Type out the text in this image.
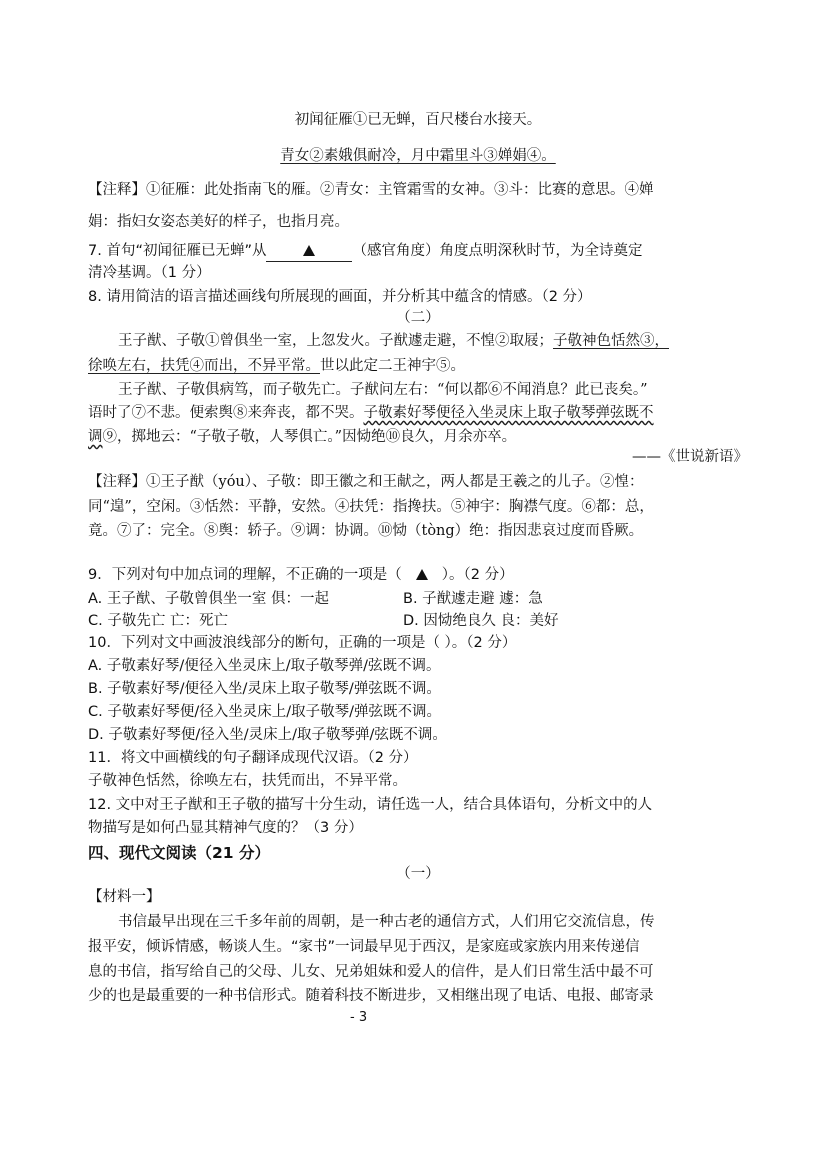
初闻征雁①已无蝉，百尺楼台水接天。
青女②素娥俱耐冷，月中霜里斗③婵娟④。
【注释】①征雁：此处指南飞的雁。②青女：主管霜雪的女神。③斗：比赛的意思。④婵
娟：指妇女姿态美好的样子，也指月亮。
7. 首句“初闻征雁已无蝉”从	（感官角度）角度点明深秋时节，为全诗奠定
清冷基调。（1 分）
8. 请用简洁的语言描述画线句所展现的画面，并分析其中蕴含的情感。（2 分）
（二）
王子猷、子敬①曾俱坐一室，上忽发火。子猷遽走避，不惶②取屐；子敬神色恬然③，
徐唤左右，扶凭④而出，不异平常。世以此定二王神宇⑤。
王子猷、子敬俱病笃，而子敬先亡。子猷问左右：“何以都⑥不闻消息？此已丧矣。”
语时了⑦不悲。便索舆⑧来奔丧，都不哭。子敬素好琴便径入坐灵床上取子敬琴弹弦既不
调⑨，掷地云：“子敬子敬，人琴俱亡。”因恸绝⑩良久，月余亦卒。
——《世说新语》
【注释】①王子猷（yóu）、子敬：即王徽之和王献之，两人都是王羲之的儿子。②惶：
同“遑”，空闲。③恬然：平静，安然。④扶凭：指搀扶。⑤神宇：胸襟气度。⑥都：总，
竟。⑦了：完全。⑧舆：轿子。⑨调：协调。⑩恸（tòng）绝：指因悲哀过度而昏厥。
9．下列对句中加点词的理解，不正确的一项是（	）。（2 分）
A. 王子猷、子敬曾俱坐一室 俱：一起	B. 子猷遽走避 遽：急
C. 子敬先亡 亡：死亡	D. 因恸绝良久 良：美好
10．下列对文中画波浪线部分的断句，正确的一项是（ ）。（2 分）
A. 子敬素好琴/便径入坐灵床上/取子敬琴弹/弦既不调。
B. 子敬素好琴/便径入坐/灵床上取子敬琴/弹弦既不调。
C. 子敬素好琴便/径入坐灵床上/取子敬琴/弹弦既不调。
D. 子敬素好琴便/径入坐/灵床上/取子敬琴弹/弦既不调。
11．将文中画横线的句子翻译成现代汉语。（2 分）
子敬神色恬然，徐唤左右，扶凭而出，不异平常。
12. 文中对王子猷和王子敬的描写十分生动，请任选一人，结合具体语句，分析文中的人
物描写是如何凸显其精神气度的？（3 分）
四、现代文阅读（21 分）
（一）
【材料一】
书信最早出现在三千多年前的周朝，是一种古老的通信方式，人们用它交流信息，传
报平安，倾诉情感，畅谈人生。“家书”一词最早见于西汉，是家庭或家族内用来传递信
息的书信，指写给自己的父母、儿女、兄弟姐妹和爱人的信件，是人们日常生活中最不可
少的也是最重要的一种书信形式。随着科技不断进步，又相继出现了电话、电报、邮寄录
- 3
